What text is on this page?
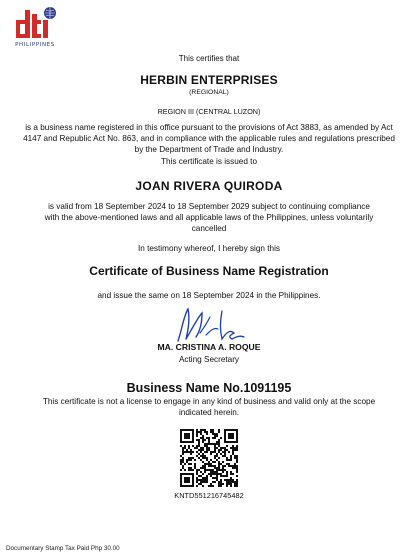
PHILIPPINES
This certifies that
HERBIN ENTERPRISES
(REGIONAL)
REGION III (CENTRAL LUZON)
is a business name registered in this office pursuant to the provisions of Act 3883, as amended by Act 4147 and Republic Act No. 863, and in compliance with the applicable rules and regulations prescribed by the Department of Trade and Industry.
This certificate is issued to
JOAN RIVERA QUIRODA
is valid from 18 September 2024 to 18 September 2029 subject to continuing compliance with the above-mentioned laws and all applicable laws of the Philippines, unless voluntarily cancelled
In testimony whereof, I hereby sign this
Certificate of Business Name Registration
and issue the same on 18 September 2024 in the Philippines.
MA. CRISTINA A. ROQUE
Acting Secretary
Business Name No.1091195
This certificate is not a license to engage in any kind of business and valid only at the scope indicated herein.
KNTD551216745482
Documentary Stamp Tax Paid Php 30.00
